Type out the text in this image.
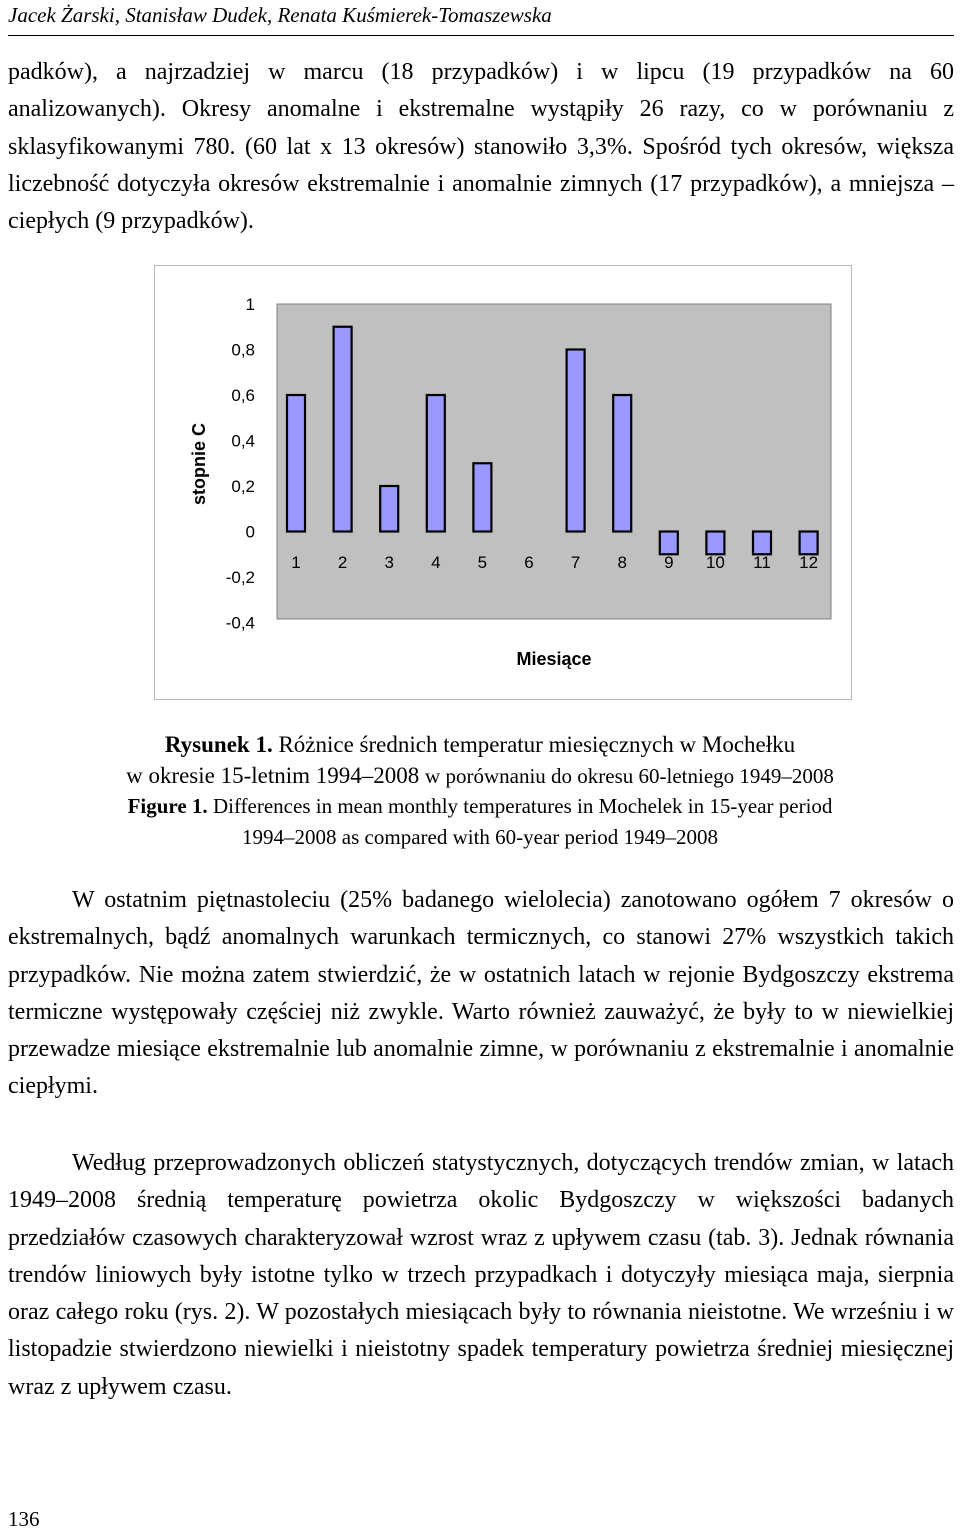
Jacek Żarski, Stanisław Dudek, Renata Kuśmierek-Tomaszewska

padków), a najrzadziej w marcu (18 przypadków) i w lipcu (19 przypadków na 60 analizowanych). Okresy anomalne i ekstremalne wystąpiły 26 razy, co w porównaniu z sklasyfikowanymi 780. (60 lat x 13 okresów) stanowiło 3,3%. Spośród tych okresów, większa liczebność dotyczyła okresów ekstremalnie i anomalnie zimnych (17 przypadków), a mniejsza – ciepłych (9 przypadków).

1
0,8
0,6
0,4
0,2
0
-0,2
-0,4
1 2 3 4 5 6 7 8 9 10 11 12
stopnie C
Miesiące
Rysunek 1. Różnice średnich temperatur miesięcznych w Mochełku
w okresie 15-letnim 1994–2008 w porównaniu do okresu 60-letniego 1949–2008
Figure 1. Differences in mean monthly temperatures in Mochelek in 15-year period
1994–2008 as compared with 60-year period 1949–2008

W ostatnim piętnastoleciu (25% badanego wielolecia) zanotowano ogółem 7 okresów o ekstremalnych, bądź anomalnych warunkach termicznych, co stanowi 27% wszystkich takich przypadków. Nie można zatem stwierdzić, że w ostatnich latach w rejonie Bydgoszczy ekstrema termiczne występowały częściej niż zwykle. Warto również zauważyć, że były to w niewielkiej przewadze miesiące ekstremalnie lub anomalnie zimne, w porównaniu z ekstremalnie i anomalnie ciepłymi.

Według przeprowadzonych obliczeń statystycznych, dotyczących trendów zmian, w latach 1949–2008 średnią temperaturę powietrza okolic Bydgoszczy w większości badanych przedziałów czasowych charakteryzował wzrost wraz z upływem czasu (tab. 3). Jednak równania trendów liniowych były istotne tylko w trzech przypadkach i dotyczyły miesiąca maja, sierpnia oraz całego roku (rys. 2). W pozostałych miesiącach były to równania nieistotne. We wrześniu i w listopadzie stwierdzono niewielki i nieistotny spadek temperatury powietrza średniej miesięcznej wraz z upływem czasu.

136
